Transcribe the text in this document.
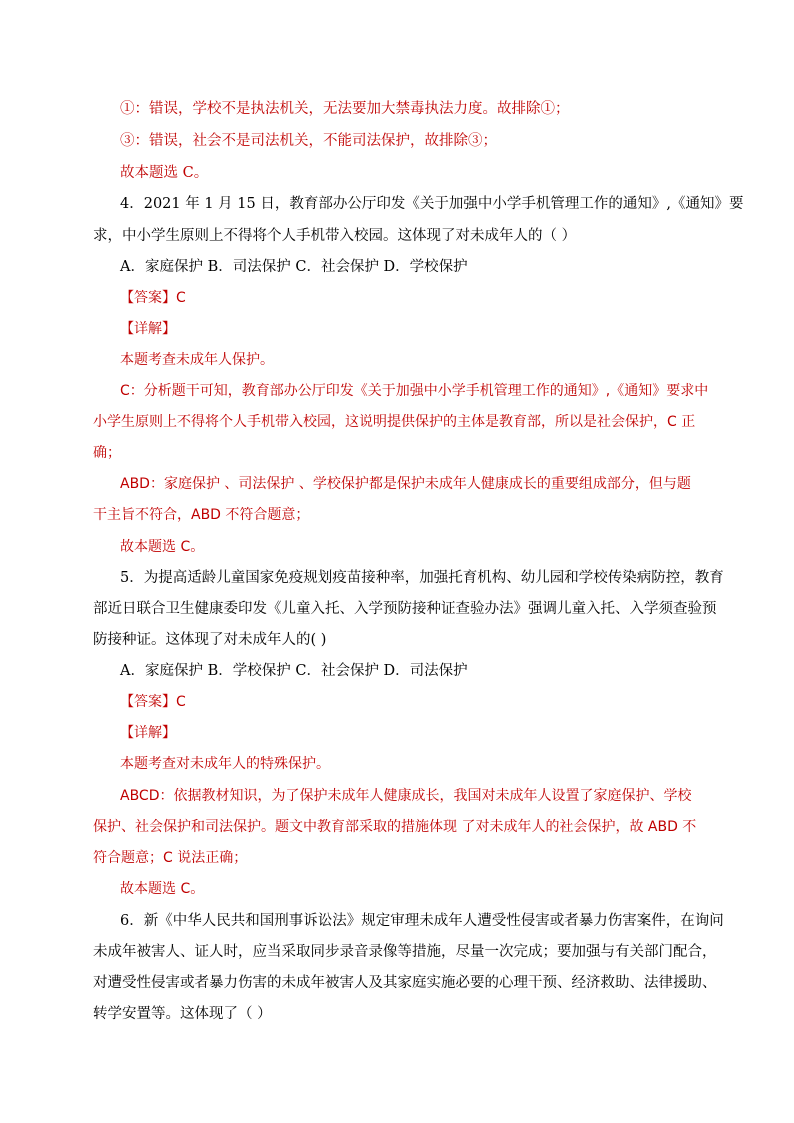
①：错误，学校不是执法机关，无法要加大禁毒执法力度。故排除①；
③：错误，社会不是司法机关，不能司法保护，故排除③；
故本题选 C。
4．2021 年 1 月 15 日，教育部办公厅印发《关于加强中小学手机管理工作的通知》,《通知》要
求，中小学生原则上不得将个人手机带入校园。这体现了对未成年人的（ ）
A．家庭保护 B．司法保护 C．社会保护 D．学校保护
【答案】C
【详解】
本题考查未成年人保护。
C：分析题干可知，教育部办公厅印发《关于加强中小学手机管理工作的通知》,《通知》要求中
小学生原则上不得将个人手机带入校园，这说明提供保护的主体是教育部，所以是社会保护，C 正
确；
ABD：家庭保护 、司法保护 、学校保护都是保护未成年人健康成长的重要组成部分，但与题
干主旨不符合，ABD 不符合题意；
故本题选 C。
5．为提高适龄儿童国家免疫规划疫苗接种率，加强托育机构、幼儿园和学校传染病防控，教育
部近日联合卫生健康委印发《儿童入托、入学预防接种证查验办法》强调儿童入托、入学须查验预
防接种证。这体现了对未成年人的( )
A．家庭保护 B．学校保护 C．社会保护 D．司法保护
【答案】C
【详解】
本题考查对未成年人的特殊保护。
ABCD：依据教材知识，为了保护未成年人健康成长，我国对未成年人设置了家庭保护、学校
保护、社会保护和司法保护。题文中教育部采取的措施体现 了对未成年人的社会保护，故 ABD 不
符合题意；C 说法正确；
故本题选 C。
6．新《中华人民共和国刑事诉讼法》规定审理未成年人遭受性侵害或者暴力伤害案件，在询问
未成年被害人、证人时，应当采取同步录音录像等措施，尽量一次完成；要加强与有关部门配合，
对遭受性侵害或者暴力伤害的未成年被害人及其家庭实施必要的心理干预、经济救助、法律援助、
转学安置等。这体现了（ ）
